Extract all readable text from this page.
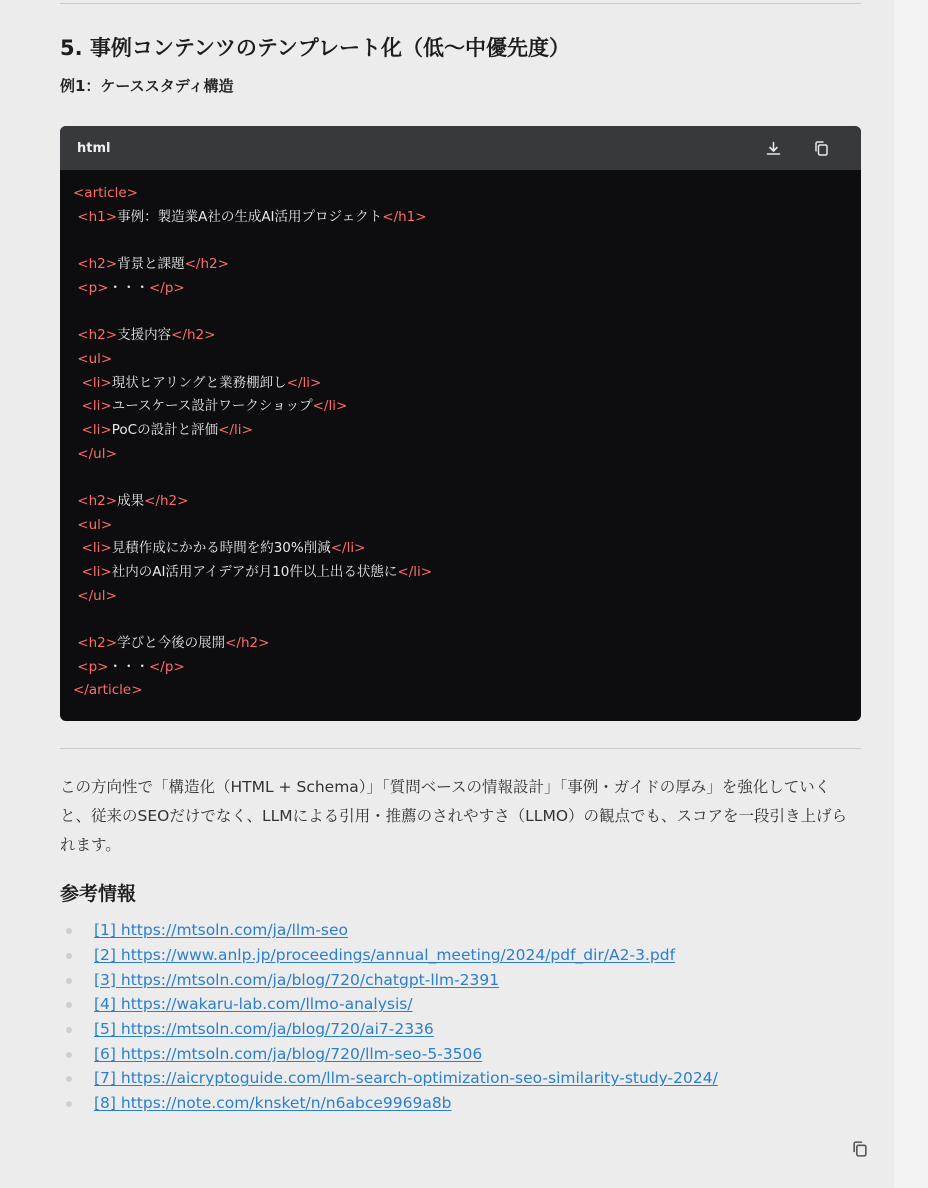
5. 事例コンテンツのテンプレート化（低〜中優先度）
例1：ケーススタディ構造
html
<article>
<h1>事例：製造業A社の生成AI活用プロジェクト</h1>
<h2>背景と課題</h2>
<p>・・・</p>
<h2>支援内容</h2>
<ul>
<li>現状ヒアリングと業務棚卸し</li>
<li>ユースケース設計ワークショップ</li>
<li>PoCの設計と評価</li>
</ul>
<h2>成果</h2>
<ul>
<li>見積作成にかかる時間を約30%削減</li>
<li>社内のAI活用アイデアが月10件以上出る状態に</li>
</ul>
<h2>学びと今後の展開</h2>
<p>・・・</p>
</article>
この方向性で「構造化（HTML + Schema）」「質問ベースの情報設計」「事例・ガイドの厚み」を強化していくと、従来のSEOだけでなく、LLMによる引用・推薦のされやすさ（LLMO）の観点でも、スコアを一段引き上げられます。
参考情報
[1] https://mtsoln.com/ja/llm-seo
[2] https://www.anlp.jp/proceedings/annual_meeting/2024/pdf_dir/A2-3.pdf
[3] https://mtsoln.com/ja/blog/720/chatgpt-llm-2391
[4] https://wakaru-lab.com/llmo-analysis/
[5] https://mtsoln.com/ja/blog/720/ai7-2336
[6] https://mtsoln.com/ja/blog/720/llm-seo-5-3506
[7] https://aicryptoguide.com/llm-search-optimization-seo-similarity-study-2024/
[8] https://note.com/knsket/n/n6abce9969a8b
